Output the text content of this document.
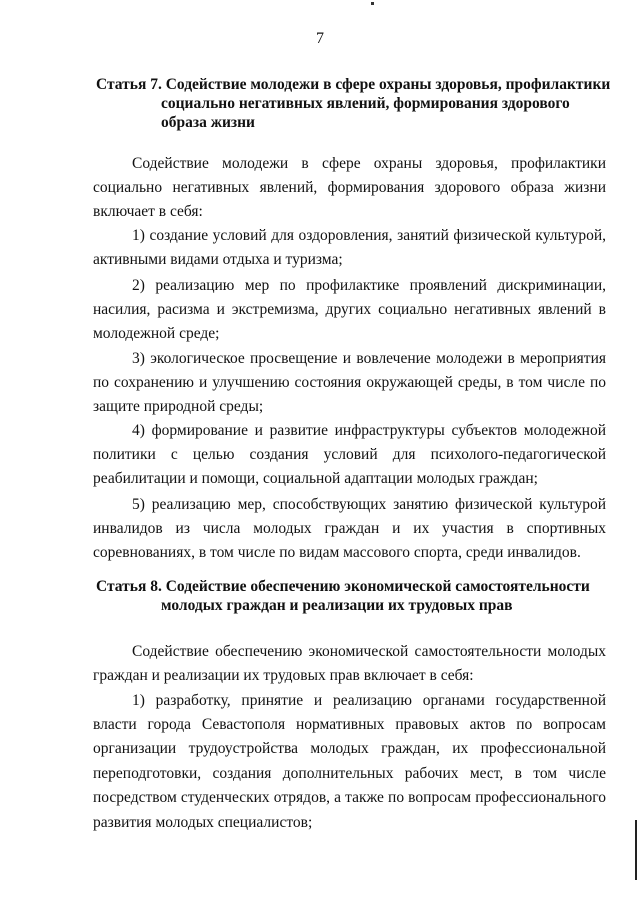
7
Статья 7. Содействие молодежи в сфере охраны здоровья, профилактики
социально негативных явлений, формирования здорового
образа жизни

Содействие молодежи в сфере охраны здоровья, профилактики социально негативных явлений, формирования здорового образа жизни включает в себя:

1) создание условий для оздоровления, занятий физической культурой, активными видами отдыха и туризма;

2) реализацию мер по профилактике проявлений дискриминации, насилия, расизма и экстремизма, других социально негативных явлений в молодежной среде;

3) экологическое просвещение и вовлечение молодежи в мероприятия по сохранению и улучшению состояния окружающей среды, в том числе по защите природной среды;

4) формирование и развитие инфраструктуры субъектов молодежной политики с целью создания условий для психолого-педагогической реабилитации и помощи, социальной адаптации молодых граждан;

5) реализацию мер, способствующих занятию физической культурой инвалидов из числа молодых граждан и их участия в спортивных соревнованиях, в том числе по видам массового спорта, среди инвалидов.

Статья 8. Содействие обеспечению экономической самостоятельности
молодых граждан и реализации их трудовых прав

Содействие обеспечению экономической самостоятельности молодых граждан и реализации их трудовых прав включает в себя:

1) разработку, принятие и реализацию органами государственной власти города Севастополя нормативных правовых актов по вопросам организации трудоустройства молодых граждан, их профессиональной переподготовки, создания дополнительных рабочих мест, в том числе посредством студенческих отрядов, а также по вопросам профессионального развития молодых специалистов;
